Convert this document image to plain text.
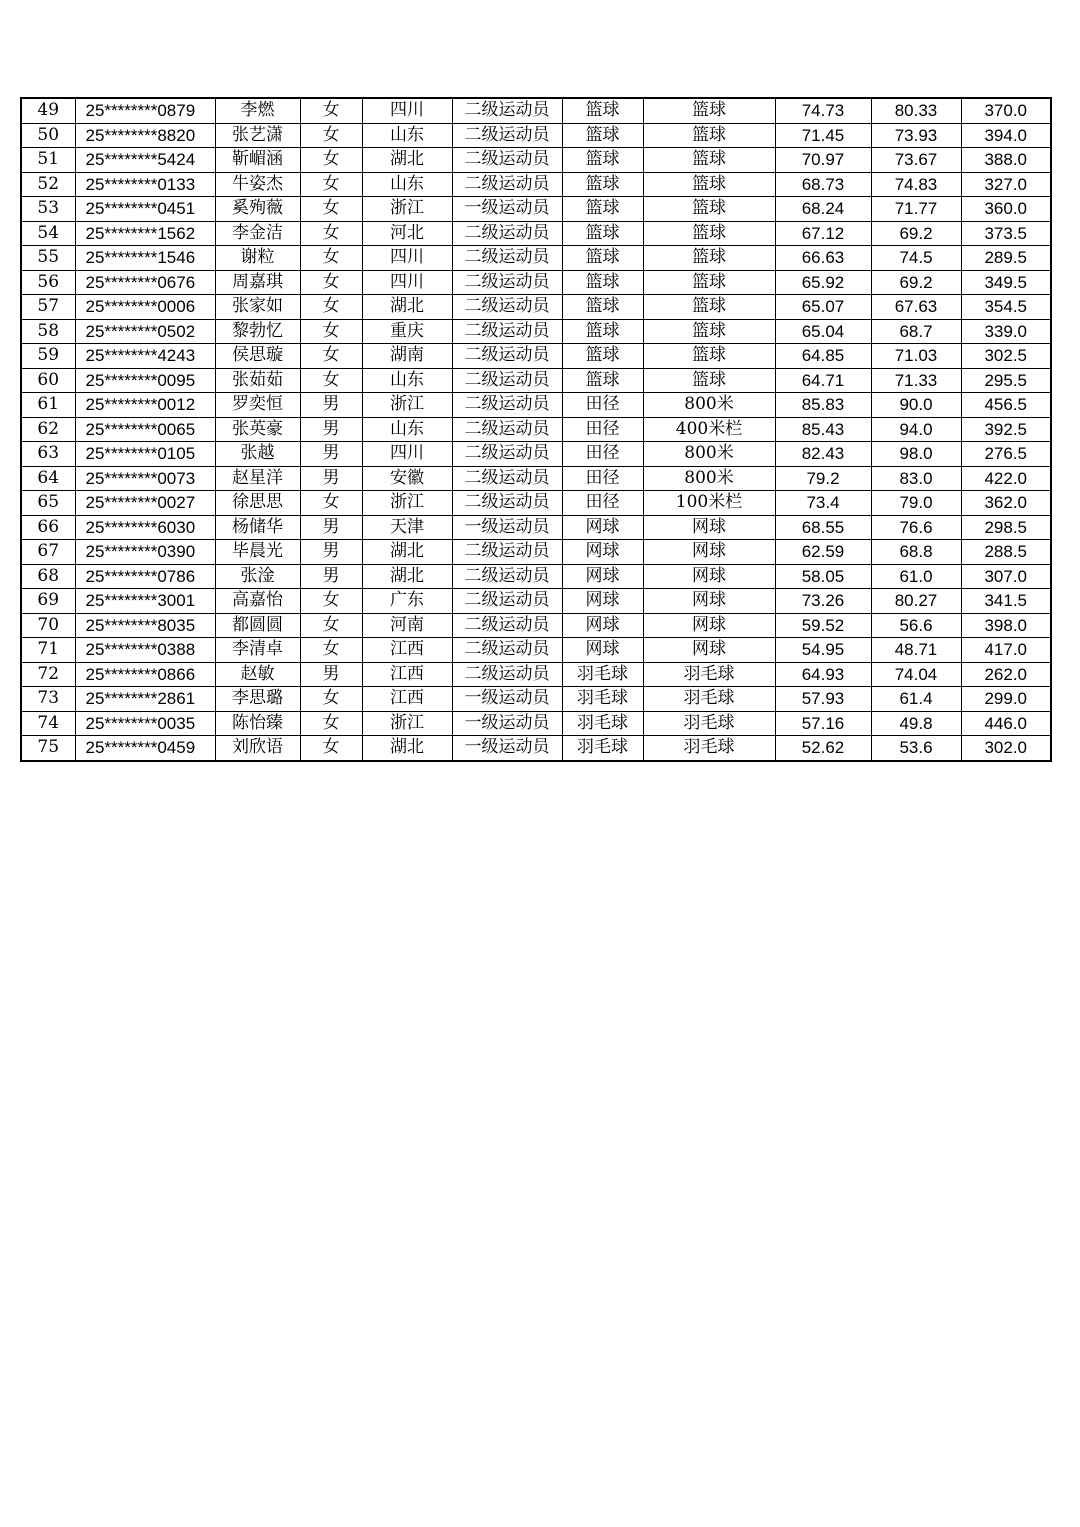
49	25********0879	李燃	女	四川	二级运动员	篮球	篮球	74.73	80.33	370.0
50	25********8820	张艺潇	女	山东	二级运动员	篮球	篮球	71.45	73.93	394.0
51	25********5424	靳嵋涵	女	湖北	二级运动员	篮球	篮球	70.97	73.67	388.0
52	25********0133	牛姿杰	女	山东	二级运动员	篮球	篮球	68.73	74.83	327.0
53	25********0451	奚殉薇	女	浙江	一级运动员	篮球	篮球	68.24	71.77	360.0
54	25********1562	李金洁	女	河北	二级运动员	篮球	篮球	67.12	69.2	373.5
55	25********1546	谢粒	女	四川	二级运动员	篮球	篮球	66.63	74.5	289.5
56	25********0676	周嘉琪	女	四川	二级运动员	篮球	篮球	65.92	69.2	349.5
57	25********0006	张家如	女	湖北	二级运动员	篮球	篮球	65.07	67.63	354.5
58	25********0502	黎勃忆	女	重庆	二级运动员	篮球	篮球	65.04	68.7	339.0
59	25********4243	侯思璇	女	湖南	二级运动员	篮球	篮球	64.85	71.03	302.5
60	25********0095	张茹茹	女	山东	二级运动员	篮球	篮球	64.71	71.33	295.5
61	25********0012	罗奕恒	男	浙江	二级运动员	田径	800米	85.83	90.0	456.5
62	25********0065	张英豪	男	山东	二级运动员	田径	400米栏	85.43	94.0	392.5
63	25********0105	张越	男	四川	二级运动员	田径	800米	82.43	98.0	276.5
64	25********0073	赵星洋	男	安徽	二级运动员	田径	800米	79.2	83.0	422.0
65	25********0027	徐思思	女	浙江	二级运动员	田径	100米栏	73.4	79.0	362.0
66	25********6030	杨储华	男	天津	一级运动员	网球	网球	68.55	76.6	298.5
67	25********0390	毕晨光	男	湖北	二级运动员	网球	网球	62.59	68.8	288.5
68	25********0786	张淦	男	湖北	二级运动员	网球	网球	58.05	61.0	307.0
69	25********3001	高嘉怡	女	广东	二级运动员	网球	网球	73.26	80.27	341.5
70	25********8035	都圆圆	女	河南	二级运动员	网球	网球	59.52	56.6	398.0
71	25********0388	李清卓	女	江西	二级运动员	网球	网球	54.95	48.71	417.0
72	25********0866	赵敏	男	江西	二级运动员	羽毛球	羽毛球	64.93	74.04	262.0
73	25********2861	李思璐	女	江西	一级运动员	羽毛球	羽毛球	57.93	61.4	299.0
74	25********0035	陈怡臻	女	浙江	一级运动员	羽毛球	羽毛球	57.16	49.8	446.0
75	25********0459	刘欣语	女	湖北	一级运动员	羽毛球	羽毛球	52.62	53.6	302.0
